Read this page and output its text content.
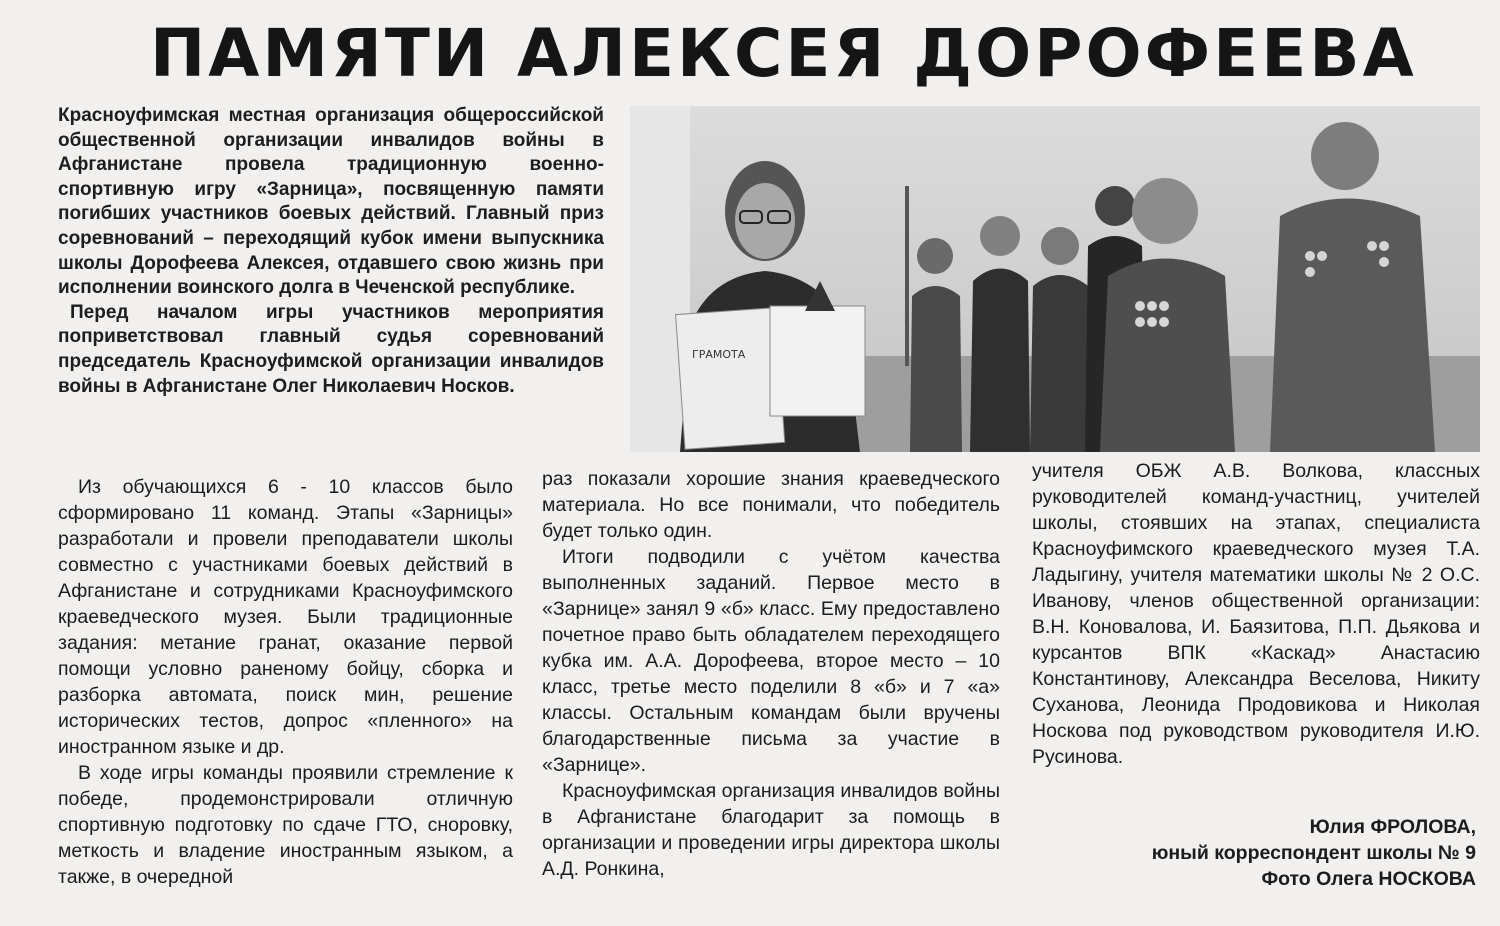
ПАМЯТИ АЛЕКСЕЯ ДОРОФЕЕВА

Красноуфимская местная организация общероссийской общественной организации инвалидов войны в Афганистане провела традиционную военно-спортивную игру «Зарница», посвященную памяти погибших участников боевых действий. Главный приз соревнований – переходящий кубок имени выпускника школы Дорофеева Алексея, отдавшего свою жизнь при исполнении воинского долга в Чеченской республике.

Перед началом игры участников мероприятия поприветствовал главный судья соревнований председатель Красноуфимской организации инвалидов войны в Афганистане Олег Николаевич Носков.

ГРАМОТА

Из обучающихся 6 - 10 классов было сформировано 11 команд. Этапы «Зарницы» разработали и провели преподаватели школы совместно с участниками боевых действий в Афганистане и сотрудниками Красноуфимского краеведческого музея. Были традиционные задания: метание гранат, оказание первой помощи условно раненому бойцу, сборка и разборка автомата, поиск мин, решение исторических тестов, допрос «пленного» на иностранном языке и др.

В ходе игры команды проявили стремление к победе, продемонстрировали отличную спортивную подготовку по сдаче ГТО, сноровку, меткость и владение иностранным языком, а также, в очередной

раз показали хорошие знания краеведческого материала. Но все понимали, что победитель будет только один.

Итоги подводили с учётом качества выполненных заданий. Первое место в «Зарнице» занял 9 «б» класс. Ему предоставлено почетное право быть обладателем переходящего кубка им. А.А. Дорофеева, второе место – 10 класс, третье место поделили 8 «б» и 7 «а» классы. Остальным командам были вручены благодарственные письма за участие в «Зарнице».

Красноуфимская организация инвалидов войны в Афганистане благодарит за помощь в организации и проведении игры директора школы А.Д. Ронкина,

учителя ОБЖ А.В. Волкова, классных руководителей команд-участниц, учителей школы, стоявших на этапах, специалиста Красноуфимского краеведческого музея Т.А. Ладыгину, учителя математики школы № 2 О.С. Иванову, членов общественной организации: В.Н. Коновалова, И. Баязитова, П.П. Дьякова и курсантов ВПК «Каскад» Анастасию Константинову, Александра Веселова, Никиту Суханова, Леонида Продовикова и Николая Носкова под руководством руководителя И.Ю. Русинова.

Юлия ФРОЛОВА,
юный корреспондент школы № 9
Фото Олега НОСКОВА
